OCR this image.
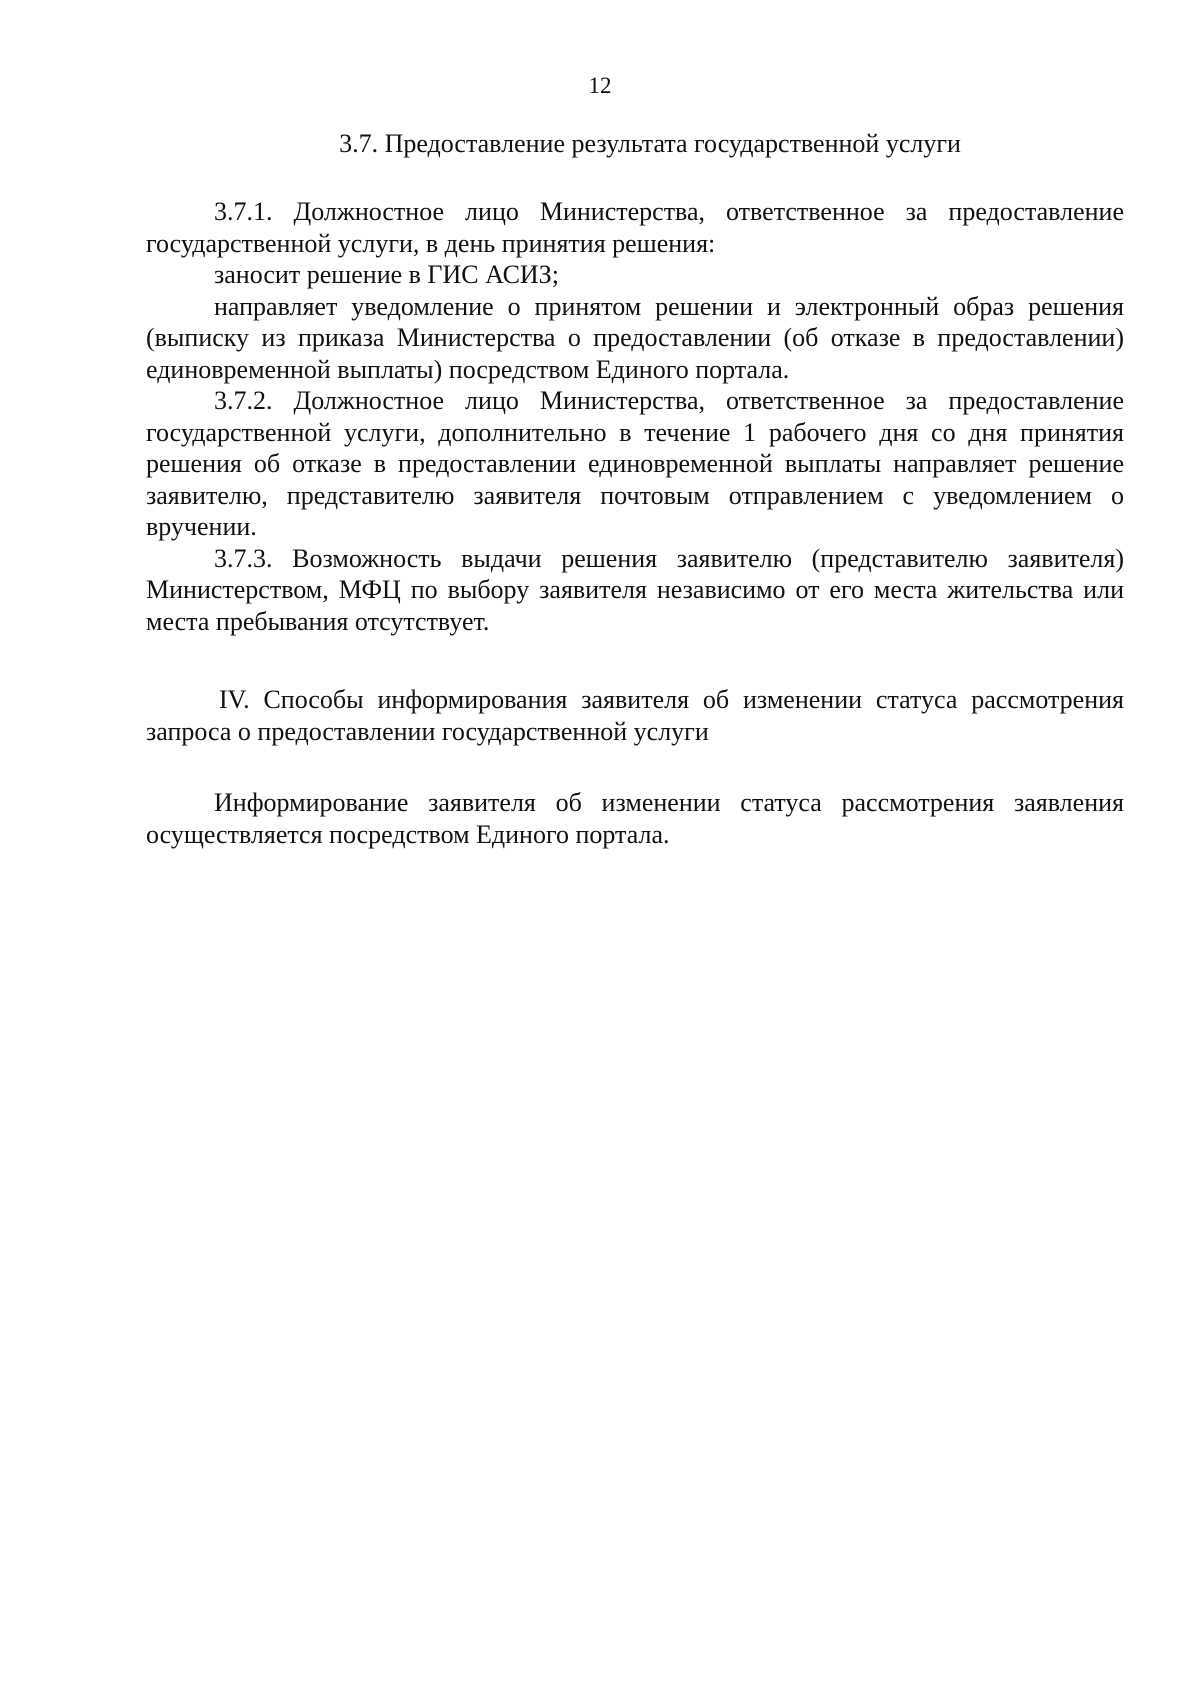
12
3.7. Предоставление результата государственной услуги

3.7.1. Должностное лицо Министерства, ответственное за предоставление государственной услуги, в день принятия решения:

заносит решение в ГИС АСИЗ;

направляет уведомление о принятом решении и электронный образ решения (выписку из приказа Министерства о предоставлении (об отказе в предоставлении) единовременной выплаты) посредством Единого портала.

3.7.2. Должностное лицо Министерства, ответственное за предоставление государственной услуги, дополнительно в течение 1 рабочего дня со дня принятия решения об отказе в предоставлении единовременной выплаты направляет решение заявителю, представителю заявителя почтовым отправлением с уведомлением о вручении.

3.7.3. Возможность выдачи решения заявителю (представителю заявителя) Министерством, МФЦ по выбору заявителя независимо от его места жительства или места пребывания отсутствует.

IV. Способы информирования заявителя об изменении статуса рассмотрения запроса о предоставлении государственной услуги

Информирование заявителя об изменении статуса рассмотрения заявления осуществляется посредством Единого портала.
